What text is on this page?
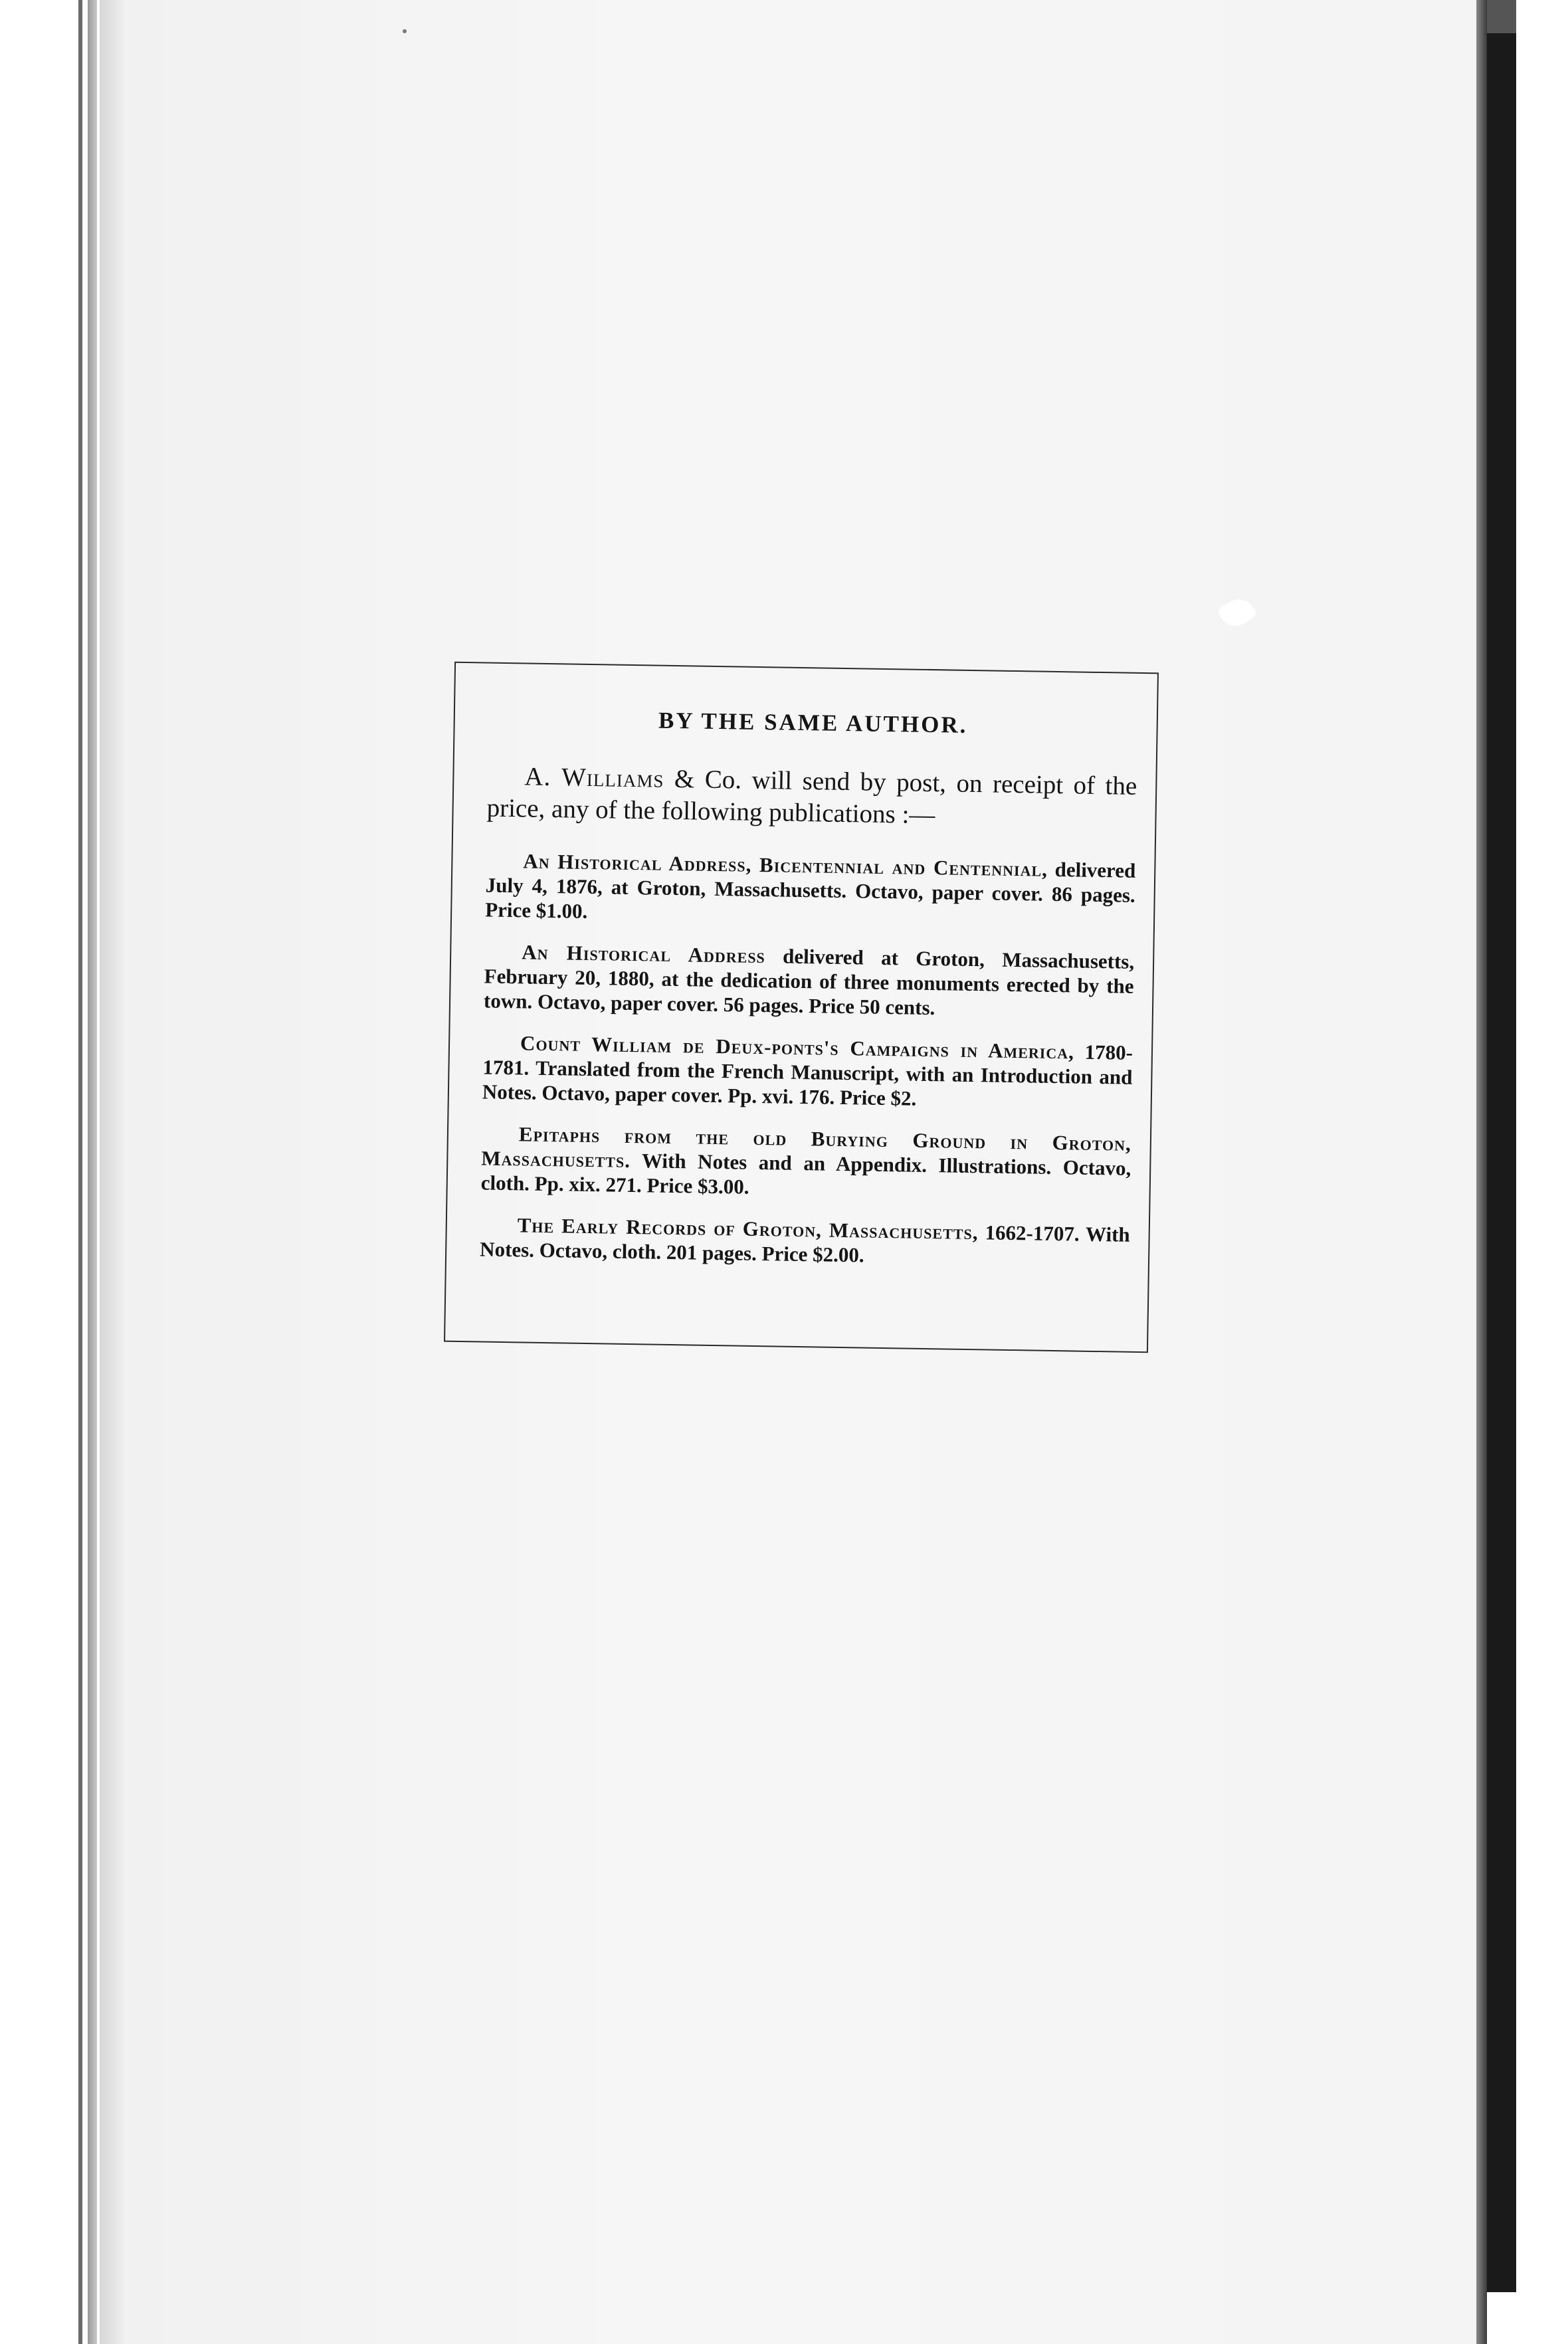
BY THE SAME AUTHOR.

A. Williams & Co. will send by post, on receipt of the price, any of the following publications :—

An Historical Address, Bicentennial and Centennial, delivered July 4, 1876, at Groton, Massachusetts. Octavo, paper cover. 86 pages. Price $1.00.

An Historical Address delivered at Groton, Massachusetts, February 20, 1880, at the dedication of three monuments erected by the town. Octavo, paper cover. 56 pages. Price 50 cents.

Count William de Deux-ponts's Campaigns in America, 1780-1781. Translated from the French Manuscript, with an Introduction and Notes. Octavo, paper cover. Pp. xvi. 176. Price $2.

Epitaphs from the old Burying Ground in Groton, Massachusetts. With Notes and an Appendix. Illustrations. Octavo, cloth. Pp. xix. 271. Price $3.00.

The Early Records of Groton, Massachusetts, 1662-1707. With Notes. Octavo, cloth. 201 pages. Price $2.00.
